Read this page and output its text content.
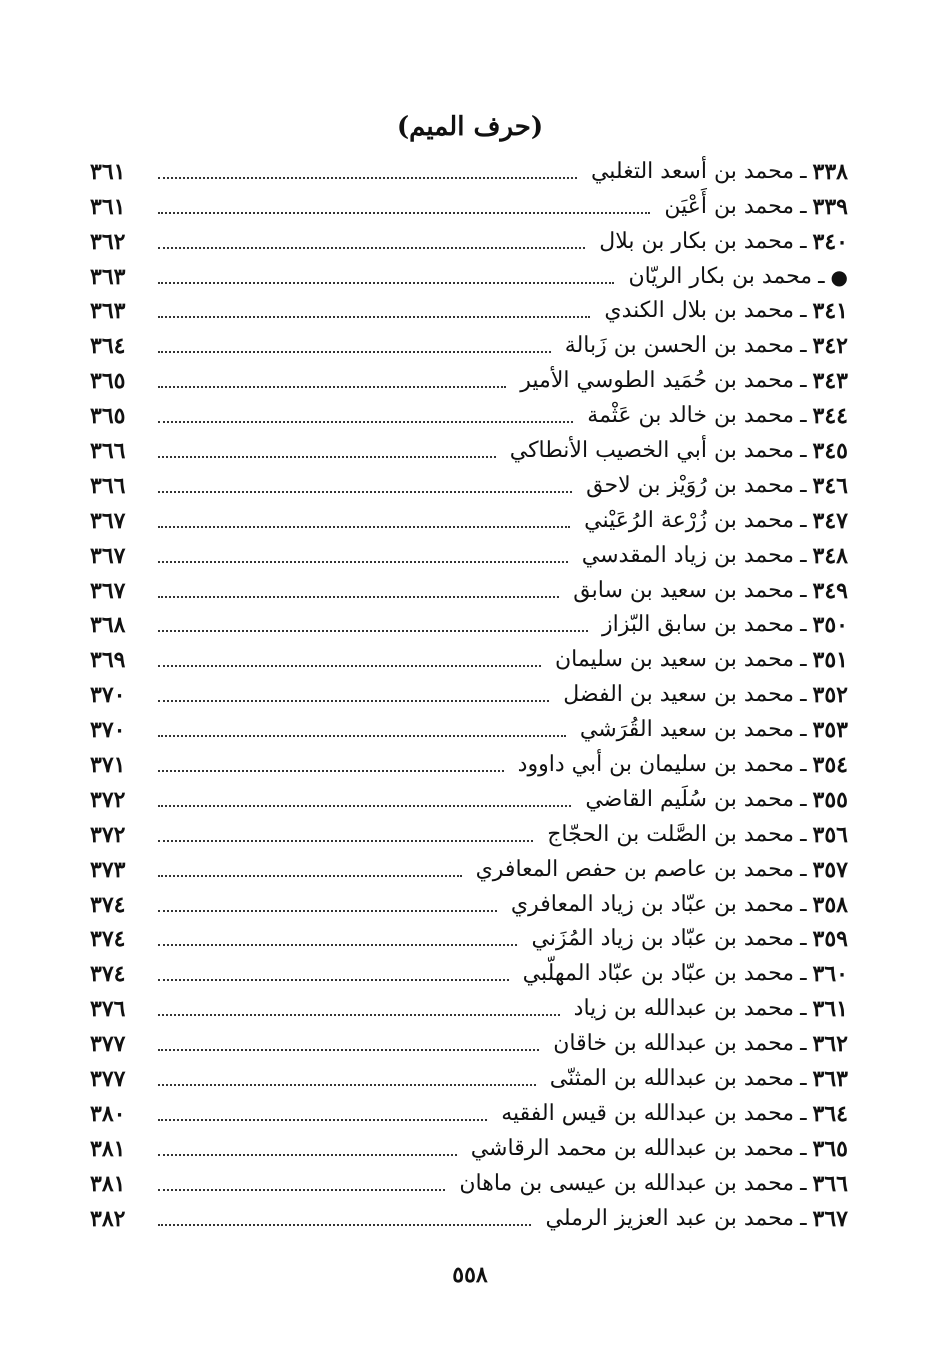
(حرف الميم)
٣٣٨
ـ
محمد بن أسعد التغلبي
٣٦١
٣٣٩
ـ
محمد بن أَعْيَن
٣٦١
٣٤٠
ـ
محمد بن بكار بن بلال
٣٦٢
●
ـ
محمد بن بكار الريّان
٣٦٣
٣٤١
ـ
محمد بن بلال الكندي
٣٦٣
٣٤٢
ـ
محمد بن الحسن بن زَبالة
٣٦٤
٣٤٣
ـ
محمد بن حُمَيد الطوسي الأمير
٣٦٥
٣٤٤
ـ
محمد بن خالد بن عَثْمة
٣٦٥
٣٤٥
ـ
محمد بن أبي الخصيب الأنطاكي
٣٦٦
٣٤٦
ـ
محمد بن رُوَيْز بن لاحق
٣٦٦
٣٤٧
ـ
محمد بن زُرْعة الرُعَيْني
٣٦٧
٣٤٨
ـ
محمد بن زياد المقدسي
٣٦٧
٣٤٩
ـ
محمد بن سعيد بن سابق
٣٦٧
٣٥٠
ـ
محمد بن سابق البّزاز
٣٦٨
٣٥١
ـ
محمد بن سعيد بن سليمان
٣٦٩
٣٥٢
ـ
محمد بن سعيد بن الفضل
٣٧٠
٣٥٣
ـ
محمد بن سعيد القُرَشي
٣٧٠
٣٥٤
ـ
محمد بن سليمان بن أبي داوود
٣٧١
٣٥٥
ـ
محمد بن سُلَيم القاضي
٣٧٢
٣٥٦
ـ
محمد بن الصَّلت بن الحجّاج
٣٧٢
٣٥٧
ـ
محمد بن عاصم بن حفص المعافري
٣٧٣
٣٥٨
ـ
محمد بن عبّاد بن زياد المعافري
٣٧٤
٣٥٩
ـ
محمد بن عبّاد بن زياد المُزَني
٣٧٤
٣٦٠
ـ
محمد بن عبّاد بن عبّاد المهلّبي
٣٧٤
٣٦١
ـ
محمد بن عبدالله بن زياد
٣٧٦
٣٦٢
ـ
محمد بن عبدالله بن خاقان
٣٧٧
٣٦٣
ـ
محمد بن عبدالله بن المثنّى
٣٧٧
٣٦٤
ـ
محمد بن عبدالله بن قيس الفقيه
٣٨٠
٣٦٥
ـ
محمد بن عبدالله بن محمد الرقاشي
٣٨١
٣٦٦
ـ
محمد بن عبدالله بن عيسى بن ماهان
٣٨١
٣٦٧
ـ
محمد بن عبد العزيز الرملي
٣٨٢
٥٥٨
